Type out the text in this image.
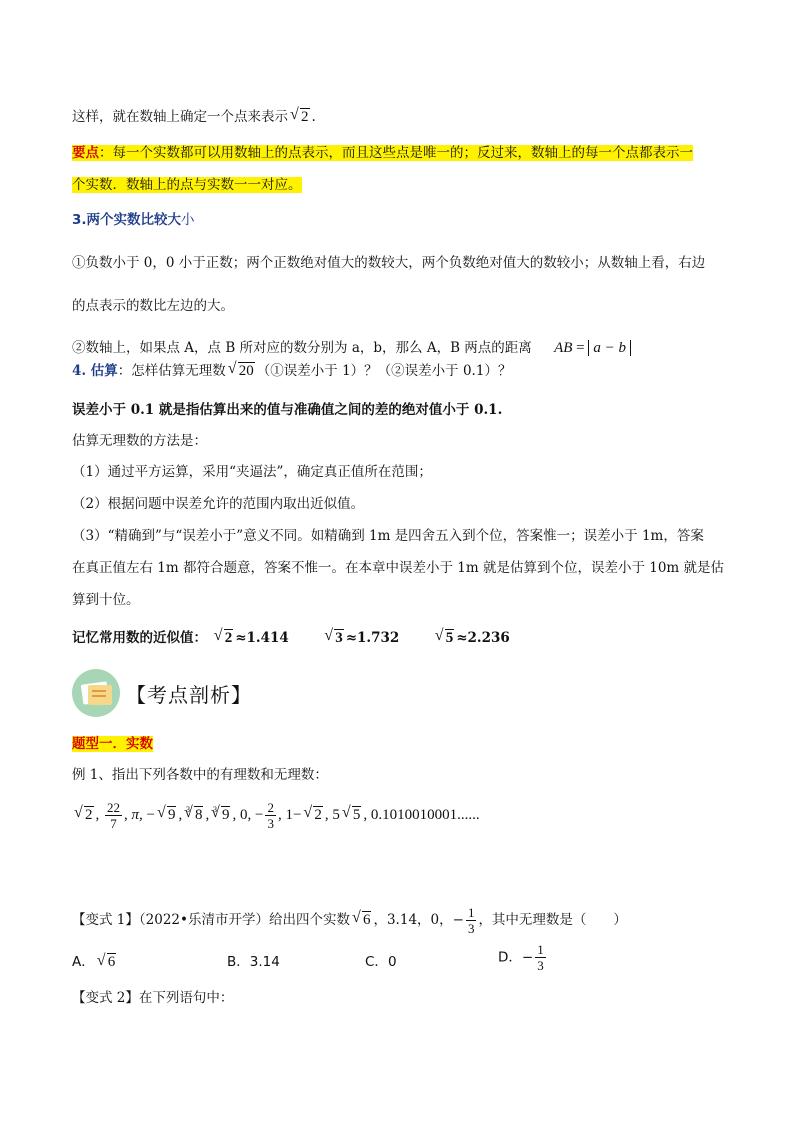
这样，就在数轴上确定一个点来表示 √ 2 .
要点：每一个实数都可以用数轴上的点表示，而且这些点是唯一的；反过来，数轴上的每一个点都表示一
个实数．数轴上的点与实数一一对应。
3.两个实数比较大小
①负数小于 0，0 小于正数；两个正数绝对值大的数较大，两个负数绝对值大的数较小；从数轴上看，右边
的点表示的数比左边的大。
②数轴上，如果点 A，点 B 所对应的数分别为 a，b，那么 A，B 两点的距离 AB = a − b
4. 估算：怎样估算无理数 √ 20 （①误差小于 1）？（②误差小于 0.1）？
误差小于 0.1 就是指估算出来的值与准确值之间的差的绝对值小于 0.1.
估算无理数的方法是：
（1）通过平方运算，采用“夹逼法”，确定真正值所在范围；
（2）根据问题中误差允许的范围内取出近似值。
（3）“精确到”与“误差小于”意义不同。如精确到 1m 是四舍五入到个位，答案惟一；误差小于 1m，答案
在真正值左右 1m 都符合题意，答案不惟一。在本章中误差小于 1m 就是估算到个位，误差小于 10m 就是估
算到十位。
记忆常用数的近似值： √ 2 ≈1.414	√ 3 ≈1.732	√ 5 ≈2.236
【考点剖析】
题型一．实数
例 1、指出下列各数中的有理数和无理数：
√ 2 , $\frac{22}{7}$ , π, − √ 9 , $^3$ √ 8 , $^3$ √ 9 , 0, − $\frac{2}{3}$ , 1− √ 2 , 5 √ 5 , 0.1010010001......
【变式 1】（2022•乐清市开学）给出四个实数 √ 6 ，3.14，0，− $\frac{1}{3}$ ，其中无理数是（　　）
A． √ 6	B．3.14	C．0	D．− $\frac{1}{3}$
【变式 2】在下列语句中：
